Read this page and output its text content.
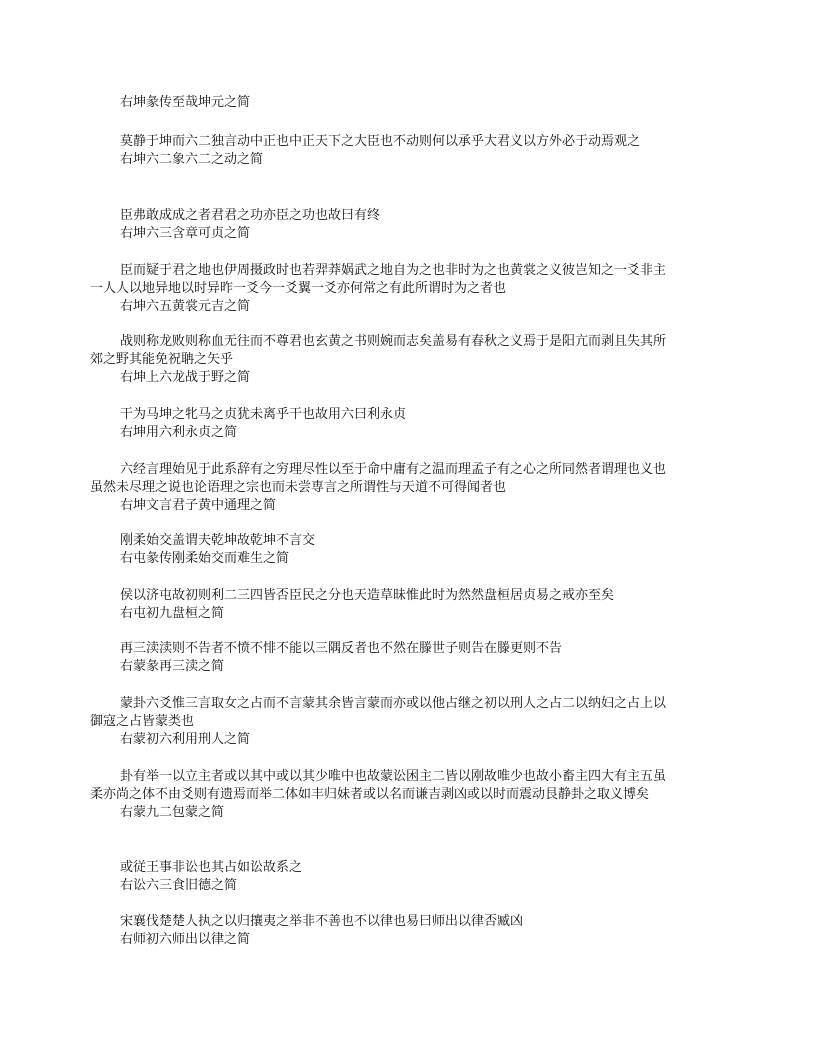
右坤彖传至哉坤元之简

莫静于坤而六二独言动中正也中正天下之大臣也不动则何以承乎大君义以方外必于动焉观之

右坤六二象六二之动之简

臣弗敢成成之者君君之功亦臣之功也故曰有终

右坤六三含章可贞之简

臣而疑于君之地也伊周摄政时也若羿莽娲武之地自为之也非时为之也黄裳之义彼岂知之一爻非主一人人以地异地以时异昨一爻今一爻翼一爻亦何常之有此所谓时为之者也

右坤六五黄裳元吉之简

战则称龙败则称血无往而不尊君也玄黄之书则婉而志矣盖易有春秋之义焉于是阳亢而剥且失其所郊之野其能免祝聃之矢乎

右坤上六龙战于野之简

干为马坤之牝马之贞犹未离乎干也故用六曰利永贞

右坤用六利永贞之简

六经言理始见于此系辞有之穷理尽性以至于命中庸有之温而理孟子有之心之所同然者谓理也义也虽然未尽理之说也论语理之宗也而未尝専言之所谓性与天道不可得闻者也

右坤文言君子黄中通理之简

刚柔始交盖谓夫乾坤故乾坤不言交

右屯彖传刚柔始交而难生之简

侯以济屯故初则利二三四皆否臣民之分也天造草昧惟此时为然然盘桓居贞易之戒亦至矣

右屯初九盘桓之简

再三渎渎则不告者不愤不悱不能以三隅反者也不然在滕世子则告在滕更则不告

右蒙彖再三渎之简

蒙卦六爻惟三言取女之占而不言蒙其余皆言蒙而亦或以他占继之初以刑人之占二以纳妇之占上以御寇之占皆蒙类也

右蒙初六利用刑人之简

卦有举一以立主者或以其中或以其少唯中也故蒙讼困主二皆以刚故唯少也故小畜主四大有主五虽柔亦尚之体不由爻则有遗焉而举二体如丰归妹者或以名而谦吉剥凶或以时而震动艮静卦之取义博矣

右蒙九二包蒙之简

或従王事非讼也其占如讼故系之

右讼六三食旧德之简

宋襄伐楚楚人执之以归攘夷之举非不善也不以律也易曰师出以律否臧凶

右师初六师出以律之简
